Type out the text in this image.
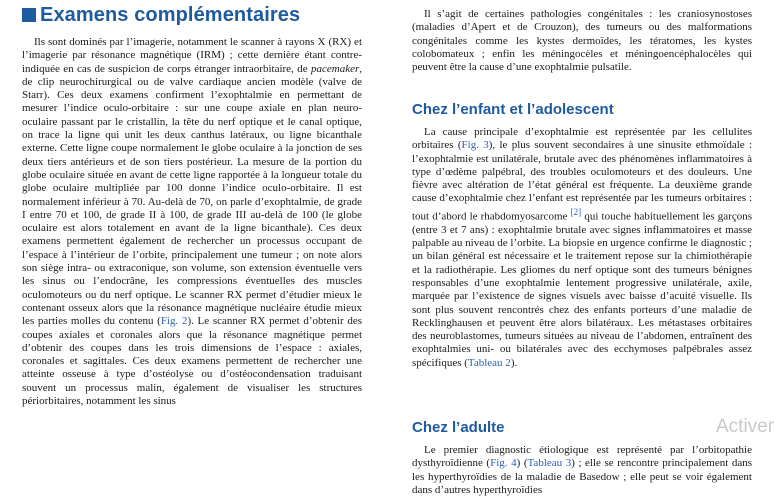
Examens complémentaires

Ils sont dominés par l’imagerie, notamment le scanner à rayons X (RX) et l’imagerie par résonance magnétique (IRM) ; cette dernière étant contre-indiquée en cas de suspicion de corps étranger intraorbitaire, de pacemaker, de clip neurochirurgical ou de valve cardiaque ancien modèle (valve de Starr). Ces deux examens confirment l’exophtalmie en permettant de mesurer l’indice oculo-orbitaire : sur une coupe axiale en plan neuro-oculaire passant par le cristallin, la tête du nerf optique et le canal optique, on trace la ligne qui unit les deux canthus latéraux, ou ligne bicanthale externe. Cette ligne coupe normalement le globe oculaire à la jonction de ses deux tiers antérieurs et de son tiers postérieur. La mesure de la portion du globe oculaire située en avant de cette ligne rapportée à la longueur totale du globe oculaire multipliée par 100 donne l’indice oculo-orbitaire. Il est normalement inférieur à 70. Au-delà de 70, on parle d’exophtalmie, de grade I entre 70 et 100, de grade II à 100, de grade III au-delà de 100 (le globe oculaire est alors totalement en avant de la ligne bicanthale). Ces deux examens permettent également de rechercher un processus occupant de l’espace à l’intérieur de l’orbite, principalement une tumeur ; on note alors son siège intra- ou extraconique, son volume, son extension éventuelle vers les sinus ou l’endocrâne, les compressions éventuelles des muscles oculomoteurs ou du nerf optique. Le scanner RX permet d’étudier mieux le contenant osseux alors que la résonance magnétique nucléaire étudie mieux les parties molles du contenu (Fig. 2). Le scanner RX permet d’obtenir des coupes axiales et coronales alors que la résonance magnétique permet d’obtenir des coupes dans les trois dimensions de l’espace : axiales, coronales et sagittales. Ces deux examens permettent de rechercher une atteinte osseuse à type d’ostéolyse ou d’ostéocondensation traduisant souvent un processus malin, également de visualiser les structures périorbitaires, notamment les sinus

Il s’agit de certaines pathologies congénitales : les craniosynostoses (maladies d’Apert et de Crouzon), des tumeurs ou des malformations congénitales comme les kystes dermoïdes, les tératomes, les kystes colobomateux ; enfin les méningocèles et méningoencéphalocèles qui peuvent être la cause d’une exophtalmie pulsatile.

Chez l’enfant et l’adolescent

La cause principale d’exophtalmie est représentée par les cellulites orbitaires (Fig. 3), le plus souvent secondaires à une sinusite ethmoïdale : l’exophtalmie est unilatérale, brutale avec des phénomènes inflammatoires à type d’œdème palpébral, des troubles oculomoteurs et des douleurs. Une fièvre avec altération de l’état général est fréquente. La deuxième grande cause d’exophtalmie chez l’enfant est représentée par les tumeurs orbitaires : tout d’abord le rhabdomyosarcome [2] qui touche habituellement les garçons (entre 3 et 7 ans) : exophtalmie brutale avec signes inflammatoires et masse palpable au niveau de l’orbite. La biopsie en urgence confirme le diagnostic ; un bilan général est nécessaire et le traitement repose sur la chimiothérapie et la radiothérapie. Les gliomes du nerf optique sont des tumeurs bénignes responsables d’une exophtalmie lentement progressive unilatérale, axile, marquée par l’existence de signes visuels avec baisse d’acuité visuelle. Ils sont plus souvent rencontrés chez des enfants porteurs d’une maladie de Recklinghausen et peuvent être alors bilatéraux. Les métastases orbitaires des neuroblastomes, tumeurs situées au niveau de l’abdomen, entraînent des exophtalmies uni- ou bilatérales avec des ecchymoses palpébrales assez spécifiques (Tableau 2).

Chez l’adulte

Le premier diagnostic étiologique est représenté par l’orbitopathie dysthyroïdienne (Fig. 4) (Tableau 3) ; elle se rencontre principalement dans les hyperthyroïdies de la maladie de Basedow ; elle peut se voir également dans d’autres hyperthyroïdies

Activer
